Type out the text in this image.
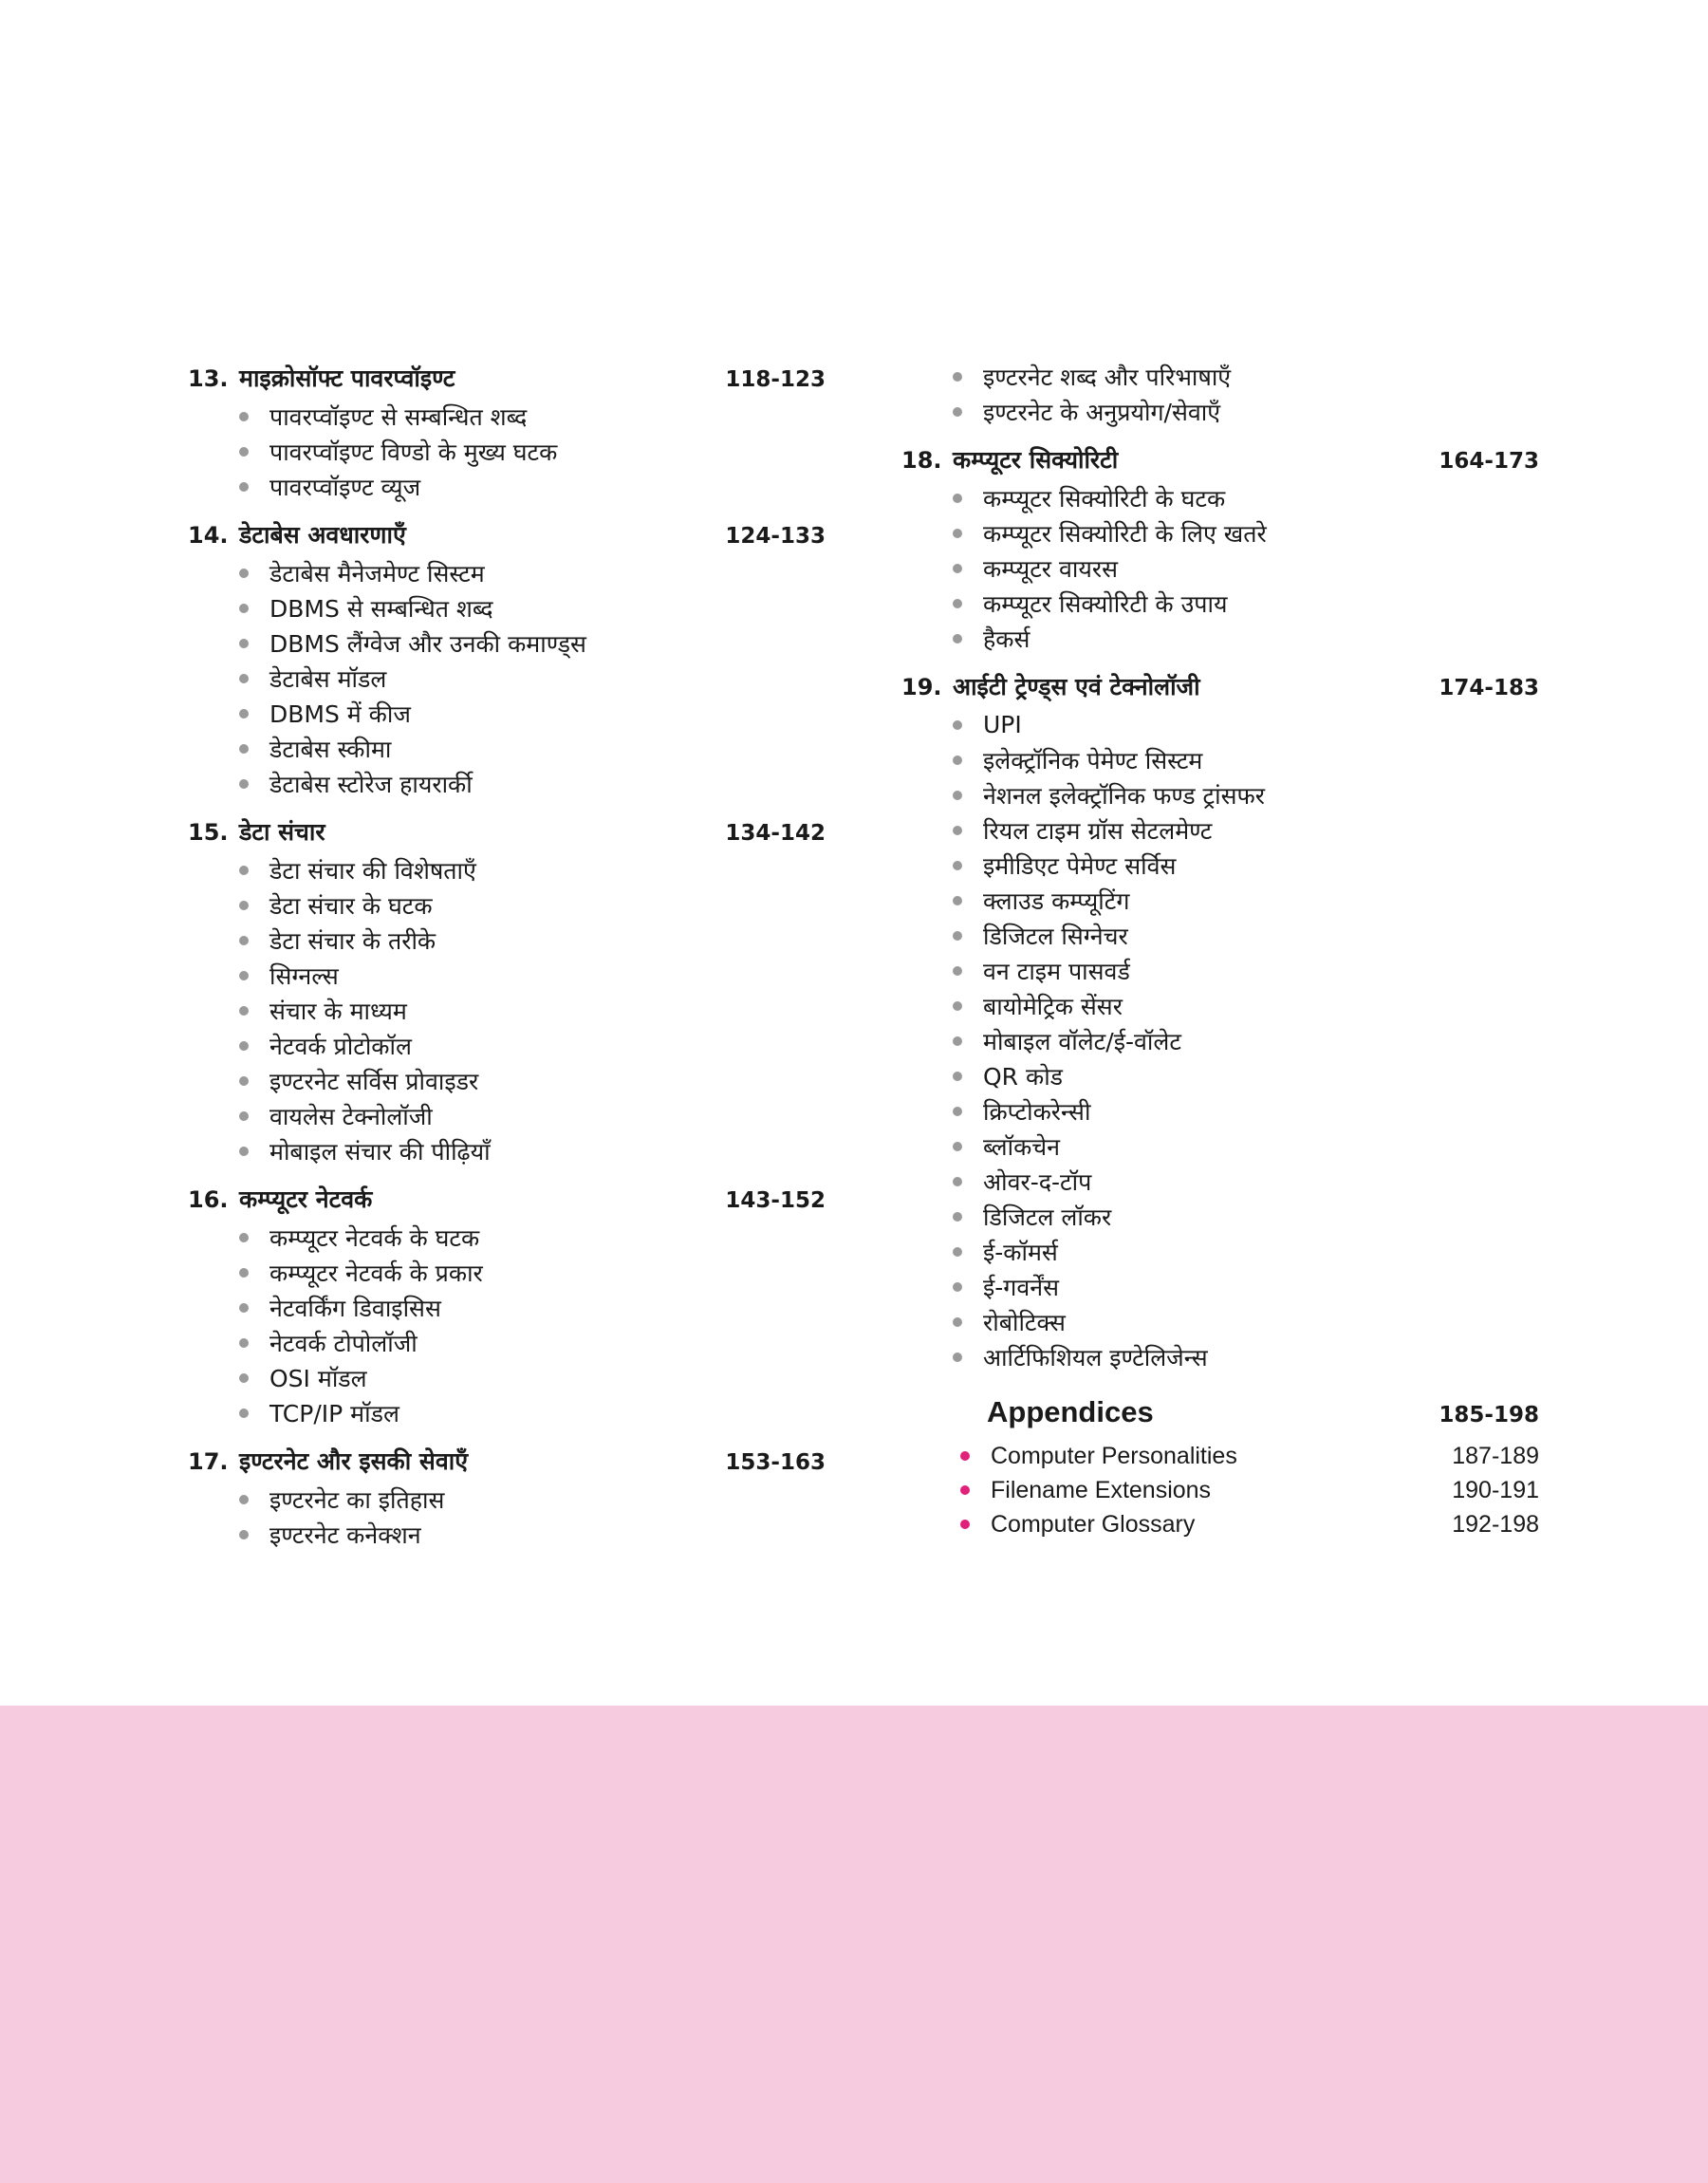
13. माइक्रोसॉफ्ट पावरप्वॉइण्ट	118-123
पावरप्वॉइण्ट से सम्बन्धित शब्द
पावरप्वॉइण्ट विण्डो के मुख्य घटक
पावरप्वॉइण्ट व्यूज
14. डेटाबेस अवधारणाएँ	124-133
डेटाबेस मैनेजमेण्ट सिस्टम
DBMS से सम्बन्धित शब्द
DBMS लैंग्वेज और उनकी कमाण्ड्स
डेटाबेस मॉडल
DBMS में कीज
डेटाबेस स्कीमा
डेटाबेस स्टोरेज हायरार्की
15. डेटा संचार	134-142
डेटा संचार की विशेषताएँ
डेटा संचार के घटक
डेटा संचार के तरीके
सिग्नल्स
संचार के माध्यम
नेटवर्क प्रोटोकॉल
इण्टरनेट सर्विस प्रोवाइडर
वायलेस टेक्नोलॉजी
मोबाइल संचार की पीढ़ियाँ
16. कम्प्यूटर नेटवर्क	143-152
कम्प्यूटर नेटवर्क के घटक
कम्प्यूटर नेटवर्क के प्रकार
नेटवर्किंग डिवाइसिस
नेटवर्क टोपोलॉजी
OSI मॉडल
TCP/IP मॉडल
17. इण्टरनेट और इसकी सेवाएँ	153-163
इण्टरनेट का इतिहास
इण्टरनेट कनेक्शन
इण्टरनेट शब्द और परिभाषाएँ
इण्टरनेट के अनुप्रयोग/सेवाएँ
18. कम्प्यूटर सिक्योरिटी	164-173
कम्प्यूटर सिक्योरिटी के घटक
कम्प्यूटर सिक्योरिटी के लिए खतरे
कम्प्यूटर वायरस
कम्प्यूटर सिक्योरिटी के उपाय
हैकर्स
19. आईटी ट्रेण्ड्स एवं टेक्नोलॉजी	174-183
UPI
इलेक्ट्रॉनिक पेमेण्ट सिस्टम
नेशनल इलेक्ट्रॉनिक फण्ड ट्रांसफर
रियल टाइम ग्रॉस सेटलमेण्ट
इमीडिएट पेमेण्ट सर्विस
क्लाउड कम्प्यूटिंग
डिजिटल सिग्नेचर
वन टाइम पासवर्ड
बायोमेट्रिक सेंसर
मोबाइल वॉलेट/ई-वॉलेट
QR कोड
क्रिप्टोकरेन्सी
ब्लॉकचेन
ओवर-द-टॉप
डिजिटल लॉकर
ई-कॉमर्स
ई-गवर्नेंस
रोबोटिक्स
आर्टिफिशियल इण्टेलिजेन्स
Appendices	185-198
Computer Personalities	187-189
Filename Extensions	190-191
Computer Glossary	192-198
